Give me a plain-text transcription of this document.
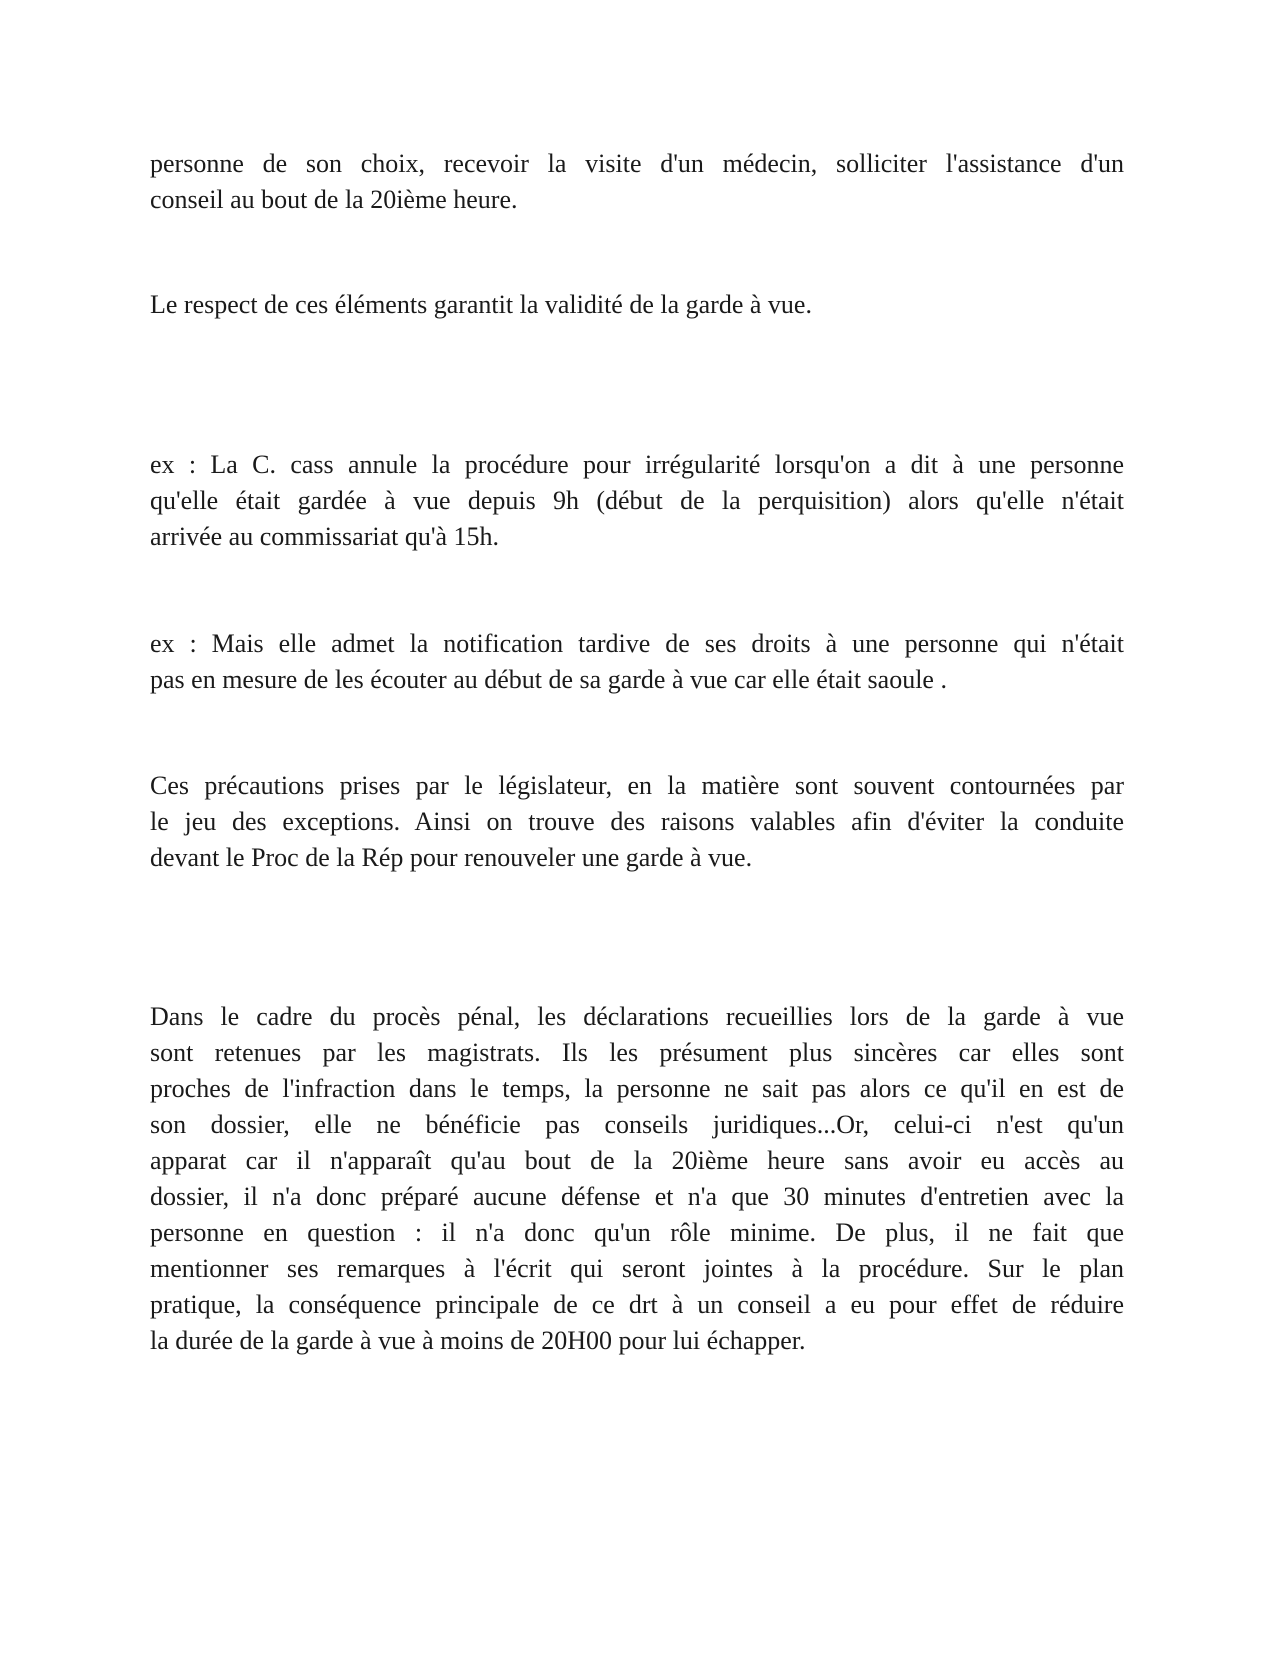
personne de son choix, recevoir la visite d'un médecin, solliciter l'assistance d'un
conseil au bout de la 20ième heure.

Le respect de ces éléments garantit la validité de la garde à vue.

ex : La C. cass annule la procédure pour irrégularité lorsqu'on a dit à une personne
qu'elle était gardée à vue depuis 9h (début de la perquisition) alors qu'elle n'était
arrivée au commissariat qu'à 15h.

ex : Mais elle admet la notification tardive de ses droits à une personne qui n'était
pas en mesure de les écouter au début de sa garde à vue car elle était saoule .

Ces précautions prises par le législateur, en la matière sont souvent contournées par
le jeu des exceptions. Ainsi on trouve des raisons valables afin d'éviter la conduite
devant le Proc de la Rép pour renouveler une garde à vue.

Dans le cadre du procès pénal, les déclarations recueillies lors de la garde à vue
sont retenues par les magistrats. Ils les présument plus sincères car elles sont
proches de l'infraction dans le temps, la personne ne sait pas alors ce qu'il en est de
son dossier, elle ne bénéficie pas conseils juridiques...Or, celui-ci n'est qu'un
apparat car il n'apparaît qu'au bout de la 20ième heure sans avoir eu accès au
dossier, il n'a donc préparé aucune défense et n'a que 30 minutes d'entretien avec la
personne en question : il n'a donc qu'un rôle minime. De plus, il ne fait que
mentionner ses remarques à l'écrit qui seront jointes à la procédure. Sur le plan
pratique, la conséquence principale de ce drt à un conseil a eu pour effet de réduire
la durée de la garde à vue à moins de 20H00 pour lui échapper.
